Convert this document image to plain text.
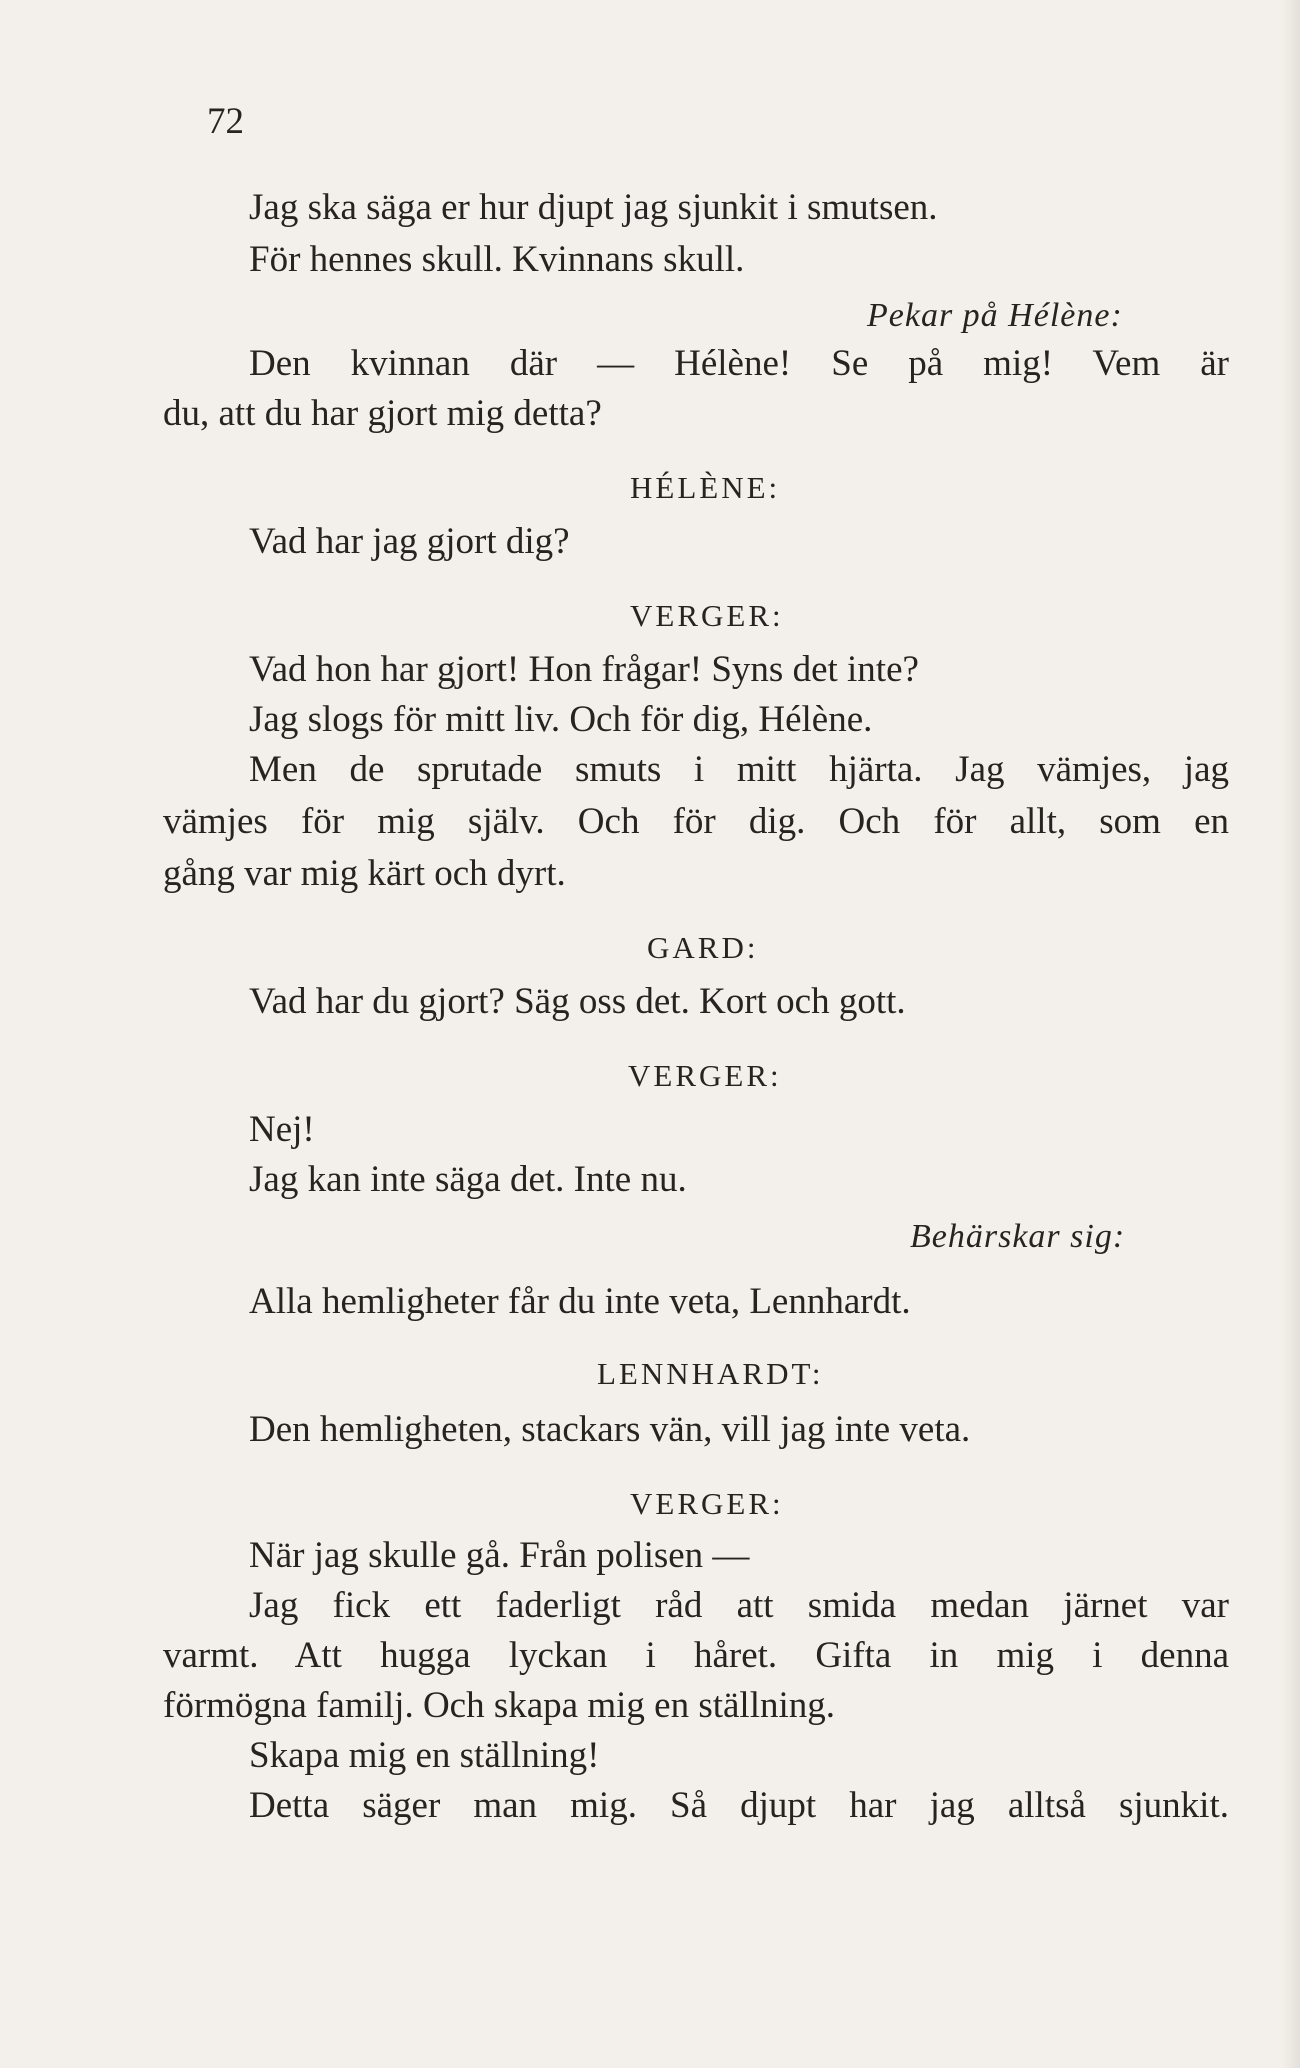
72
Jag ska säga er hur djupt jag sjunkit i smutsen.
För hennes skull. Kvinnans skull.
Pekar på Hélène:
Den kvinnan där — Hélène! Se på mig! Vem är
du, att du har gjort mig detta?
HÉLÈNE:
Vad har jag gjort dig?
VERGER:
Vad hon har gjort! Hon frågar! Syns det inte?
Jag slogs för mitt liv. Och för dig, Hélène.
Men de sprutade smuts i mitt hjärta. Jag vämjes, jag
vämjes för mig själv. Och för dig. Och för allt, som en
gång var mig kärt och dyrt.
GARD:
Vad har du gjort? Säg oss det. Kort och gott.
VERGER:
Nej!
Jag kan inte säga det. Inte nu.
Behärskar sig:
Alla hemligheter får du inte veta, Lennhardt.
LENNHARDT:
Den hemligheten, stackars vän, vill jag inte veta.
VERGER:
När jag skulle gå. Från polisen —
Jag fick ett faderligt råd att smida medan järnet var
varmt. Att hugga lyckan i håret. Gifta in mig i denna
förmögna familj. Och skapa mig en ställning.
Skapa mig en ställning!
Detta säger man mig. Så djupt har jag alltså sjunkit.
